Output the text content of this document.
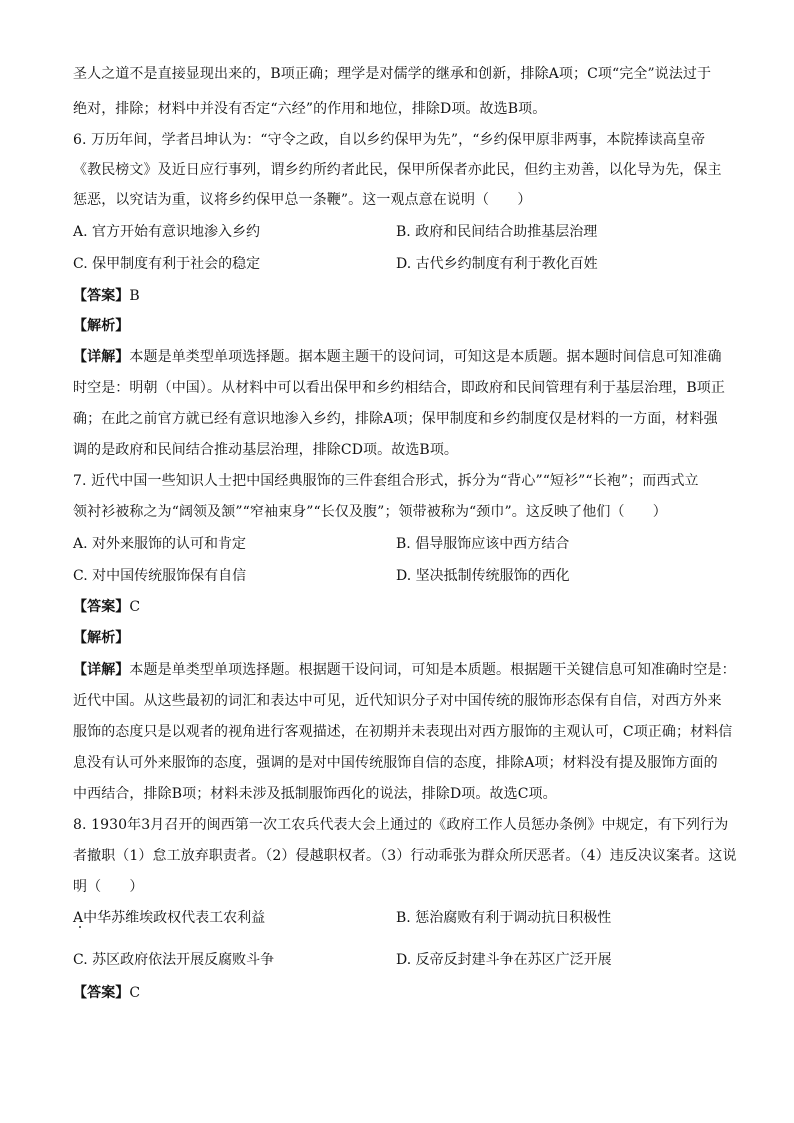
圣人之道不是直接显现出来的，B项正确；理学是对儒学的继承和创新，排除A项；C项“完全”说法过于
绝对，排除；材料中并没有否定“六经”的作用和地位，排除D项。故选B项。
6. 万历年间，学者吕坤认为：“守令之政，自以乡约保甲为先”，“乡约保甲原非两事，本院捧读高皇帝
《教民榜文》及近日应行事列，谓乡约所约者此民，保甲所保者亦此民，但约主劝善，以化导为先，保主
惩恶，以究诘为重，议将乡约保甲总一条鞭”。这一观点意在说明（　　）
A. 官方开始有意识地渗入乡约	B. 政府和民间结合助推基层治理
C. 保甲制度有利于社会的稳定	D. 古代乡约制度有利于教化百姓
【答案】B
【解析】
【详解】本题是单类型单项选择题。据本题主题干的设问词，可知这是本质题。据本题时间信息可知准确
时空是：明朝（中国）。从材料中可以看出保甲和乡约相结合，即政府和民间管理有利于基层治理，B项正
确；在此之前官方就已经有意识地渗入乡约，排除A项；保甲制度和乡约制度仅是材料的一方面，材料强
调的是政府和民间结合推动基层治理，排除CD项。故选B项。
7. 近代中国一些知识人士把中国经典服饰的三件套组合形式，拆分为“背心”“短衫”“长袍”；而西式立
领衬衫被称之为“阔领及颔”“窄袖束身”“长仅及腹”；领带被称为“颈巾”。这反映了他们（　　）
A. 对外来服饰的认可和肯定	B. 倡导服饰应该中西方结合
C. 对中国传统服饰保有自信	D. 坚决抵制传统服饰的西化
【答案】C
【解析】
【详解】本题是单类型单项选择题。根据题干设问词，可知是本质题。根据题干关键信息可知准确时空是：
近代中国。从这些最初的词汇和表达中可见，近代知识分子对中国传统的服饰形态保有自信，对西方外来
服饰的态度只是以观者的视角进行客观描述，在初期并未表现出对西方服饰的主观认可，C项正确；材料信
息没有认可外来服饰的态度，强调的是对中国传统服饰自信的态度，排除A项；材料没有提及服饰方面的
中西结合，排除B项；材料未涉及抵制服饰西化的说法，排除D项。故选C项。
8. 1930年3月召开的闽西第一次工农兵代表大会上通过的《政府工作人员惩办条例》中规定，有下列行为
者撤职（1）怠工放弃职责者。（2）侵越职权者。（3）行动乖张为群众所厌恶者。（4）违反决议案者。这说
明（　　）
A中华苏维埃政权代表工农利益	B. 惩治腐败有利于调动抗日积极性
C. 苏区政府依法开展反腐败斗争	D. 反帝反封建斗争在苏区广泛开展
【答案】C
